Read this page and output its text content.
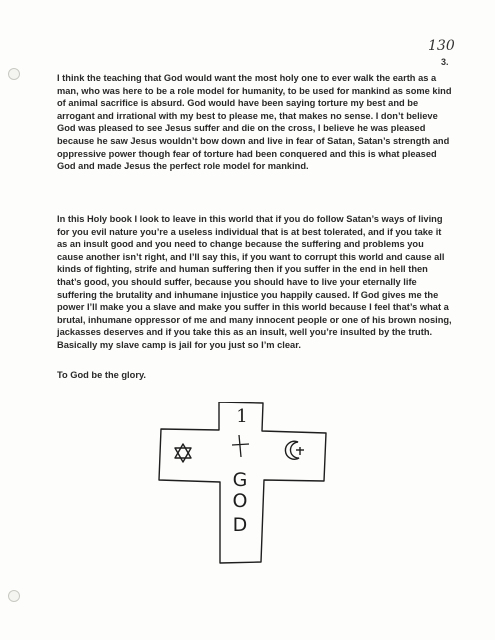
130
3.

I think the teaching that God would want the most holy one to ever walk the earth as a man, who was here to be a role model for humanity, to be used for mankind as some kind of animal sacrifice is absurd. God would have been saying torture my best and be arrogant and irrational with my best to please me, that makes no sense. I don’t believe God was pleased to see Jesus suffer and die on the cross, I believe he was pleased because he saw Jesus wouldn’t bow down and live in fear of Satan, Satan’s strength and oppressive power though fear of torture had been conquered and this is what pleased God and made Jesus the perfect role model for mankind.

In this Holy book I look to leave in this world that if you do follow Satan’s ways of living for you evil nature you’re a useless individual that is at best tolerated, and if you take it as an insult good and you need to change because the suffering and problems you cause another isn’t right, and I’ll say this, if you want to corrupt this world and cause all kinds of fighting, strife and human suffering then if you suffer in the end in hell then that’s good, you should suffer, because you should have to live your eternally life suffering the brutality and inhumane injustice you happily caused. If God gives me the power I’ll make you a slave and make you suffer in this world because I feel that’s what a brutal, inhumane oppressor of me and many innocent people or one of his brown nosing, jackasses deserves and if you take this as an insult, well you’re insulted by the truth. Basically my slave camp is jail for you just so I’m clear.

To God be the glory.

1
G
O
D
